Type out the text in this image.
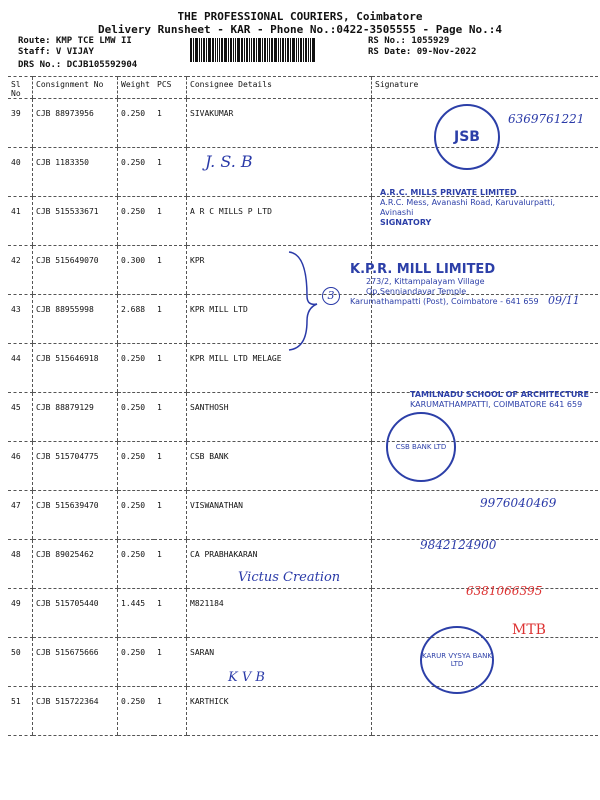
THE PROFESSIONAL COURIERS, Coimbatore
Delivery Runsheet - KAR - Phone No.:0422-3505555 - Page No.:4
Route: KMP TCE LMW II
Staff: V VIJAY
DRS No.: DCJB105592904
RS No.: 1055929
RS Date: 09-Nov-2022
Sl No	Consignment No	Weight	PCS	Consignee Details	Signature
39	CJB 88973956	0.250	1	SIVAKUMAR	
40	CJB 1183350	0.250	1		
41	CJB 515533671	0.250	1	A R C MILLS P LTD	
42	CJB 515649070	0.300	1	KPR	
43	CJB 88955998	2.688	1	KPR MILL LTD	
44	CJB 515646918	0.250	1	KPR MILL LTD MELAGE	
45	CJB 88879129	0.250	1	SANTHOSH	
46	CJB 515704775	0.250	1	CSB BANK	
47	CJB 515639470	0.250	1	VISWANATHAN	
48	CJB 89025462	0.250	1	CA PRABHAKARAN	
49	CJB 515705440	1.445	1	M821184	
50	CJB 515675666	0.250	1	SARAN	
51	CJB 515722364	0.250	1	KARTHICK	
J. S. B
3
Victus Creation
K V B
6369761221
9976040469
9842124900
6381066395
MTB
09/11
JSB
A.R.C. MILLS PRIVATE LIMITED
A.R.C. Mess, Avanashi Road, Karuvalurpatti, Avinashi
SIGNATORY
K.P.R. MILL LIMITED
273/2, Kittampalayam Village
Op.Senniandavar Temple
Karumathampatti (Post), Coimbatore - 641 659
TAMILNADU SCHOOL OF ARCHITECTURE
KARUMATHAMPATTI, COIMBATORE 641 659
CSB BANK LTD
KARUR VYSYA BANK LTD
